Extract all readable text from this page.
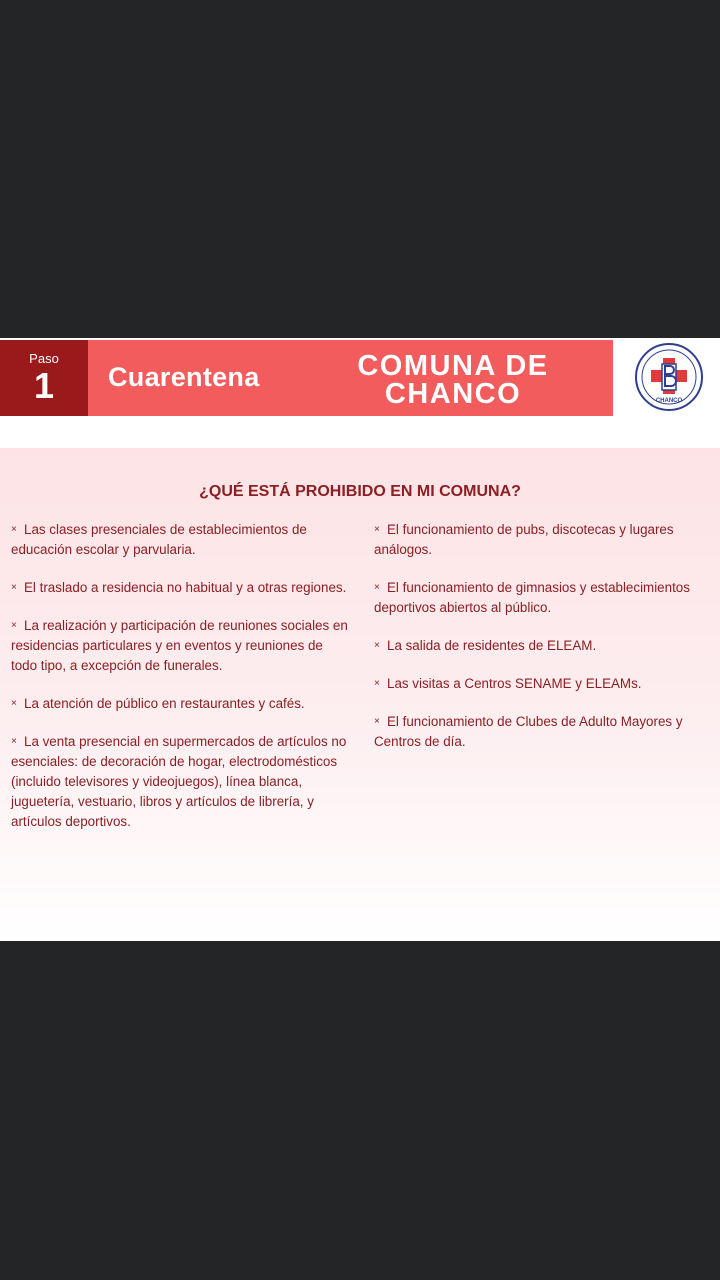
Paso
1	Cuarentena	COMUNA DE
CHANCO	CHANCO
¿QUÉ ESTÁ PROHIBIDO EN MI COMUNA?
× Las clases presenciales de establecimientos de educación escolar y parvularia.
× El traslado a residencia no habitual y a otras regiones.
× La realización y participación de reuniones sociales en residencias particulares y en eventos y reuniones de todo tipo, a excepción de funerales.
× La atención de público en restaurantes y cafés.
× La venta presencial en supermercados de artículos no esenciales: de decoración de hogar, electrodomésticos (incluido televisores y videojuegos), línea blanca, juguetería, vestuario, libros y artículos de librería, y artículos deportivos.
× El funcionamiento de pubs, discotecas y lugares análogos.
× El funcionamiento de gimnasios y establecimientos deportivos abiertos al público.
× La salida de residentes de ELEAM.
× Las visitas a Centros SENAME y ELEAMs.
× El funcionamiento de Clubes de Adulto Mayores y Centros de día.
